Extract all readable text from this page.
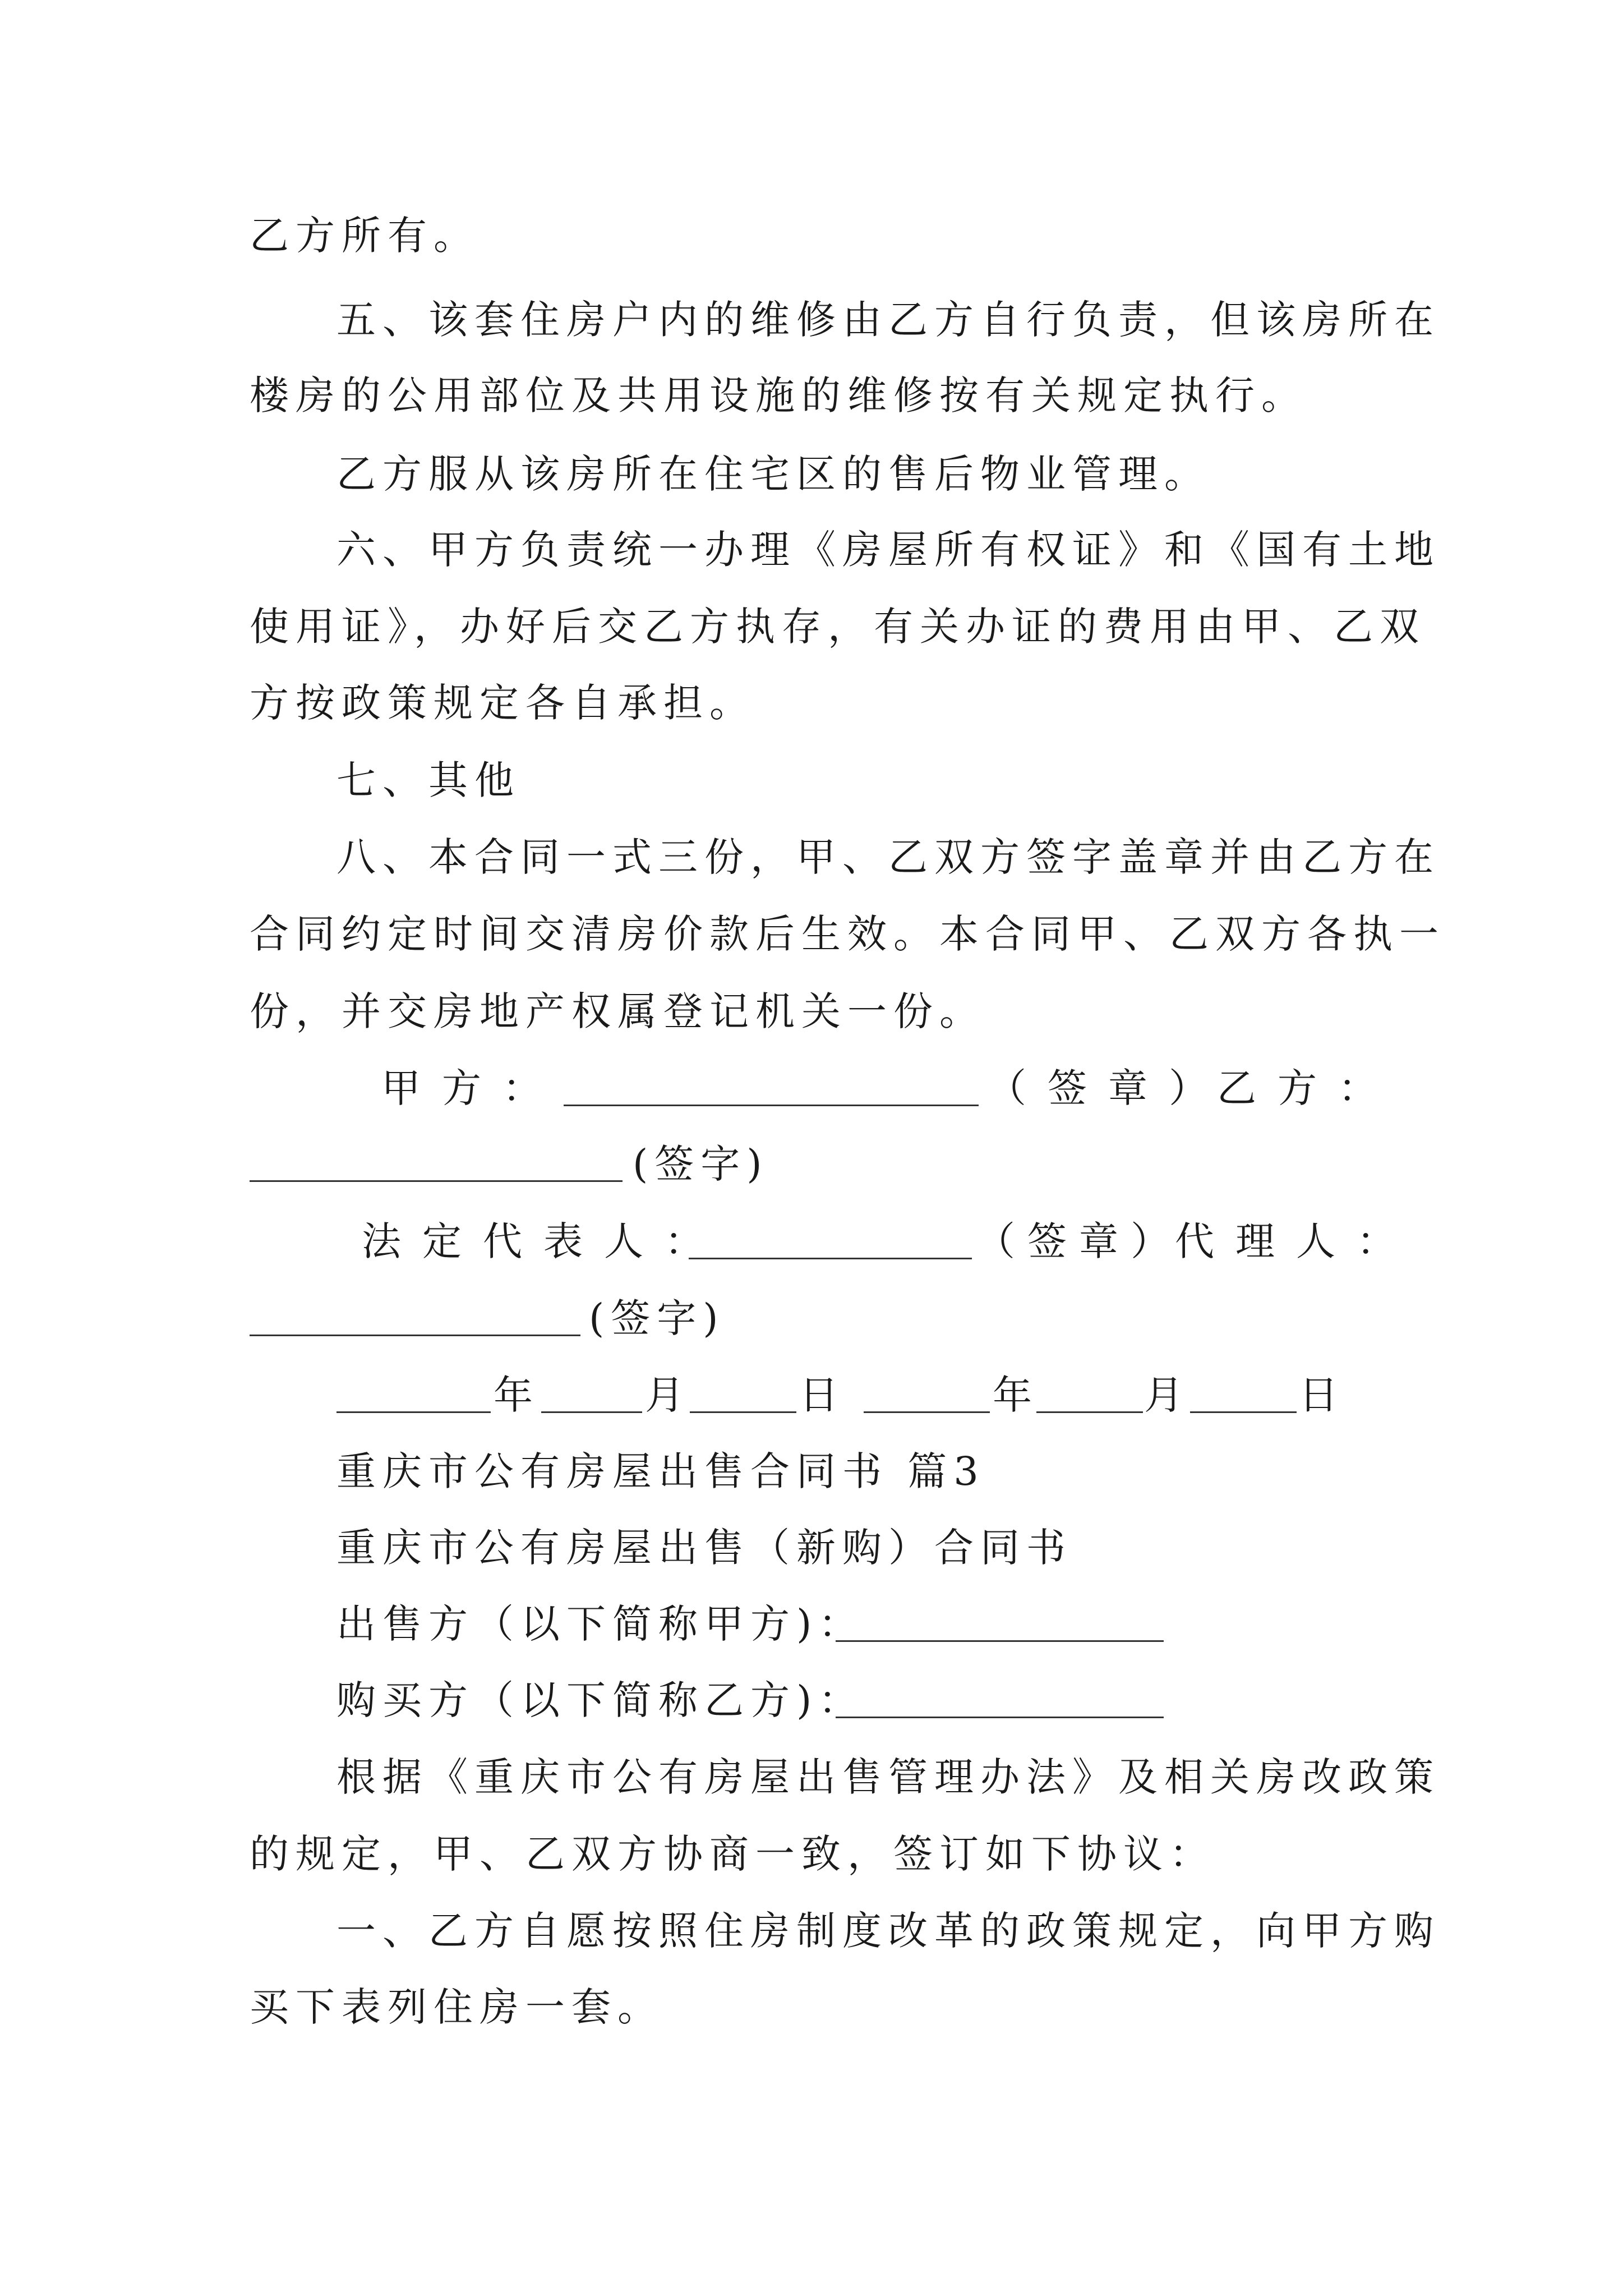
乙方所有。
五、该套住房户内的维修由乙方自行负责，但该房所在
楼房的公用部位及共用设施的维修按有关规定执行。
乙方服从该房所在住宅区的售后物业管理。
六、甲方负责统一办理《房屋所有权证》和《国有土地
使用证》，办好后交乙方执存，有关办证的费用由甲、乙双
方按政策规定各自承担。
七、其他
八、本合同一式三份，甲、乙双方签字盖章并由乙方在
合同约定时间交清房价款后生效。本合同甲、乙双方各执一
份，并交房地产权属登记机关一份。
甲方：	（签章）
乙方：
(签字)
法定代表人：	（签章）
代理人：
(签字)
年	月	日	年	月	日
重庆市公有房屋出售合同书 篇3
重庆市公有房屋出售（新购）合同书
出售方（以下简称甲方)：
购买方（以下简称乙方)：
根据《重庆市公有房屋出售管理办法》及相关房改政策
的规定，甲、乙双方协商一致，签订如下协议：
一、乙方自愿按照住房制度改革的政策规定，向甲方购
买下表列住房一套。
